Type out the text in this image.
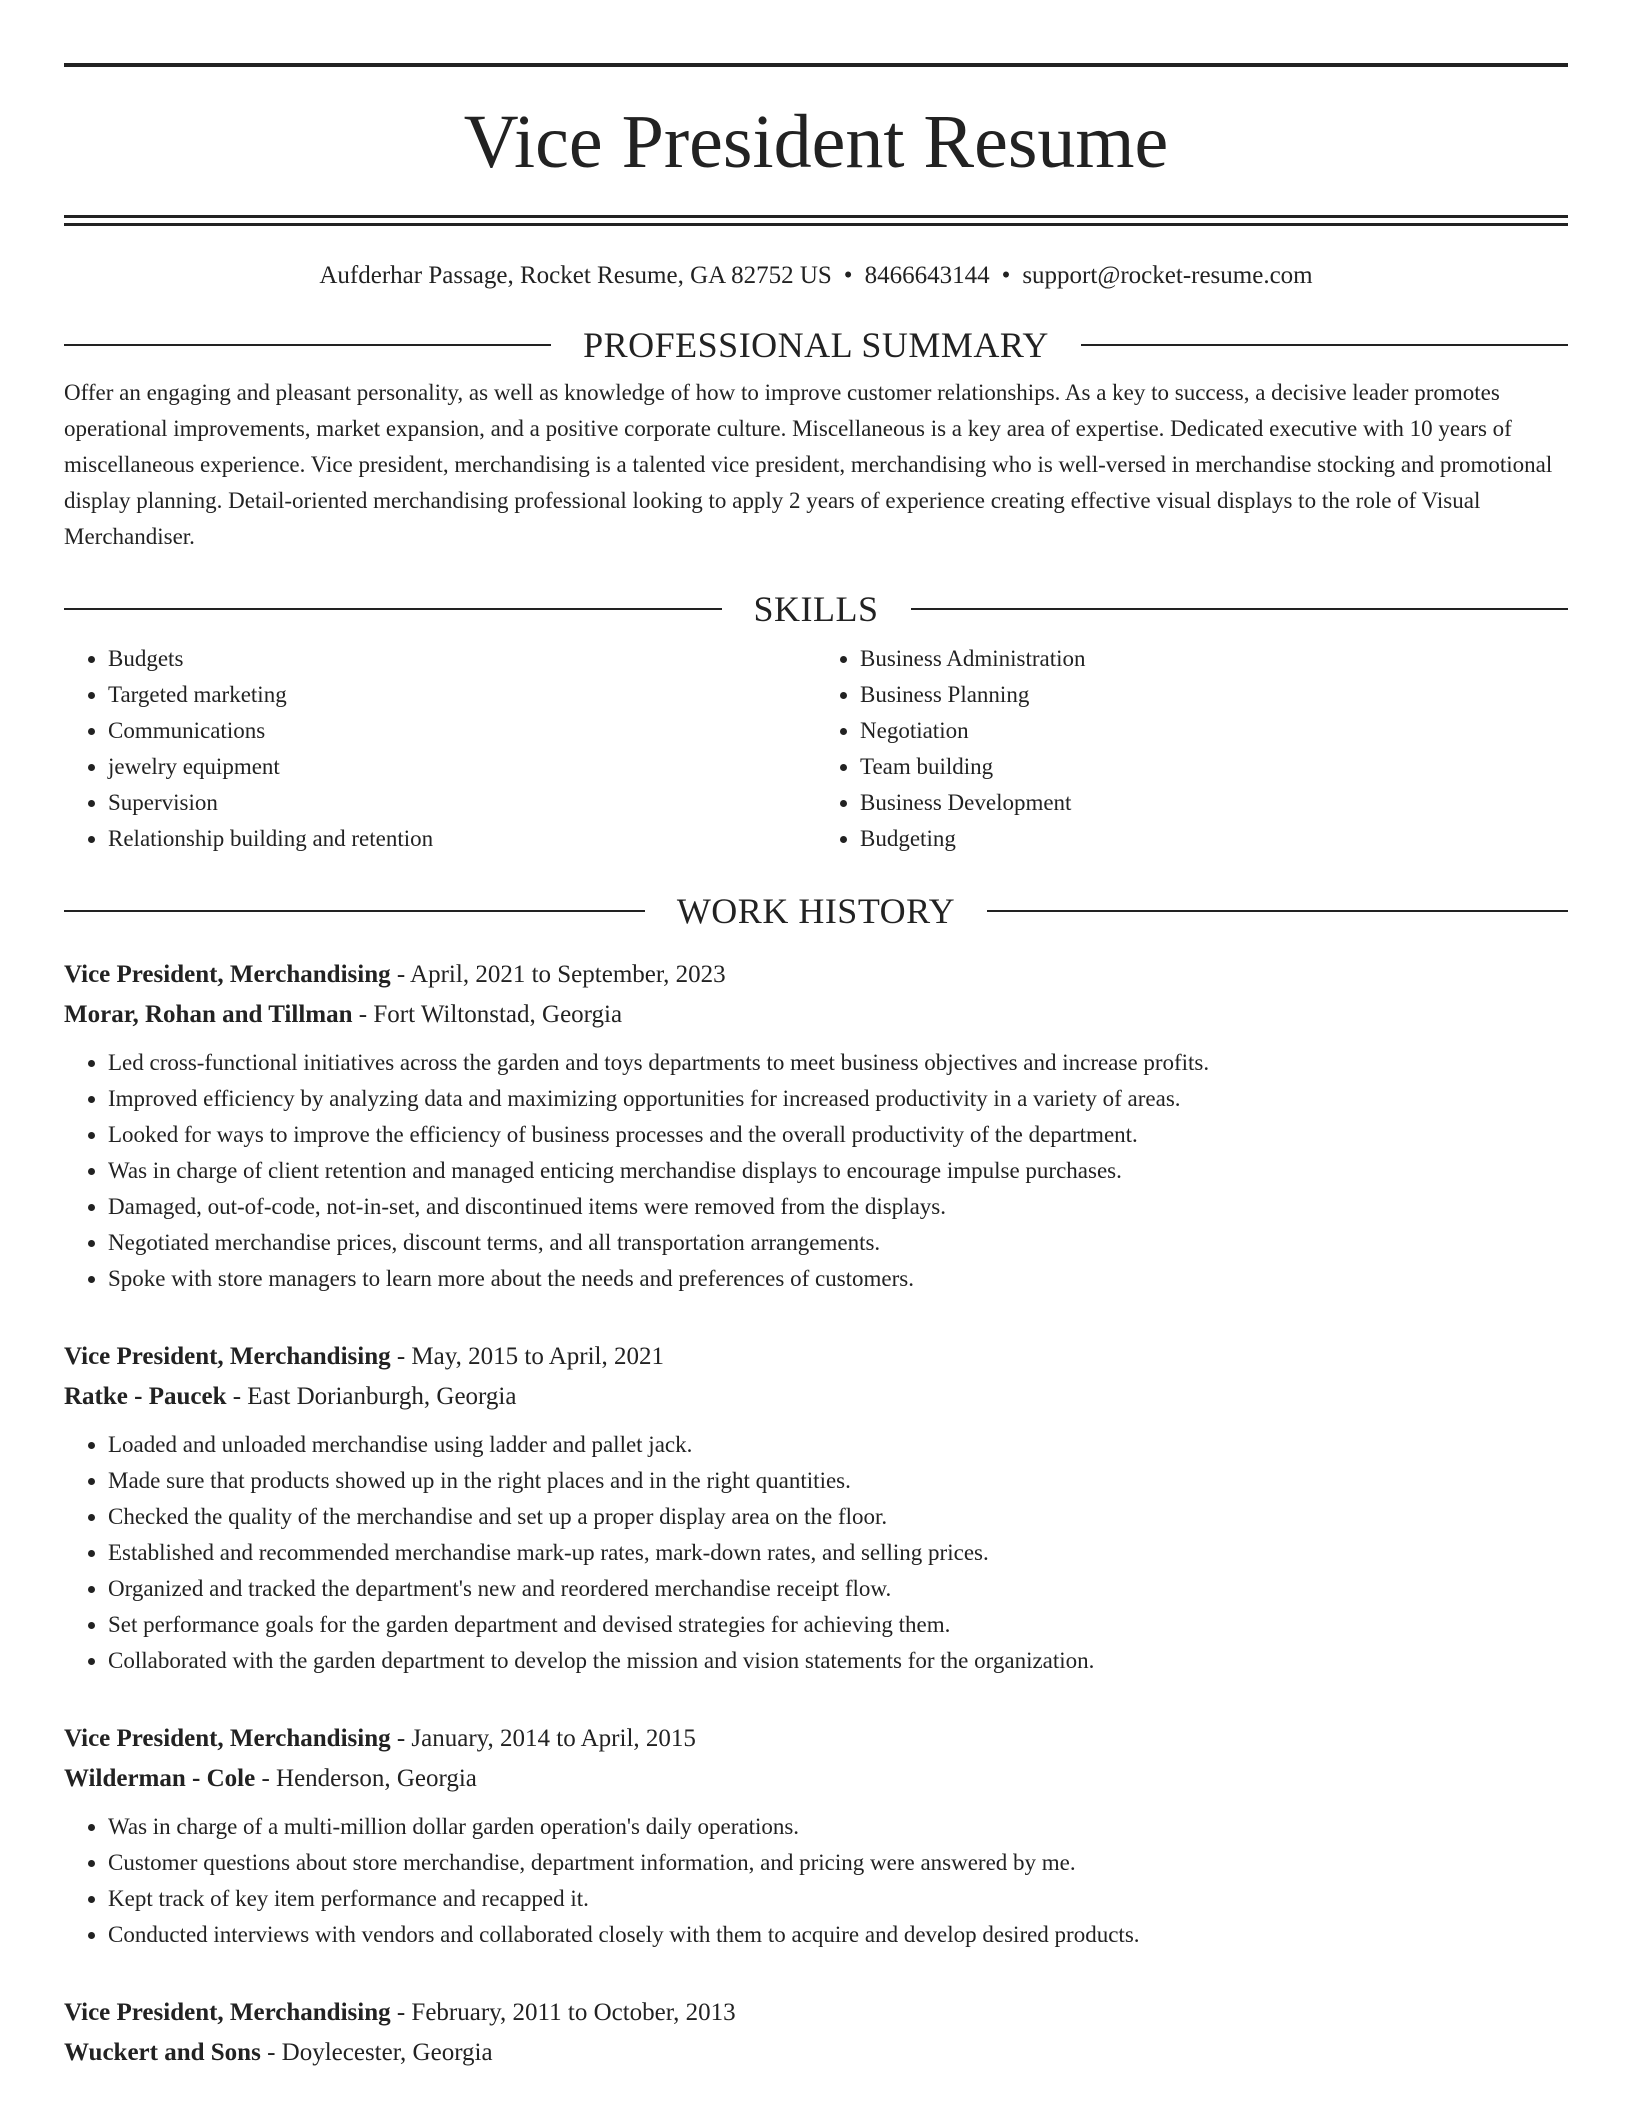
Vice President Resume
Aufderhar Passage, Rocket Resume, GA 82752 US • 8466643144 • support@rocket-resume.com
PROFESSIONAL SUMMARY
Offer an engaging and pleasant personality, as well as knowledge of how to improve customer relationships. As a key to success, a decisive leader promotes operational improvements, market expansion, and a positive corporate culture. Miscellaneous is a key area of expertise. Dedicated executive with 10 years of miscellaneous experience. Vice president, merchandising is a talented vice president, merchandising who is well-versed in merchandise stocking and promotional display planning. Detail-oriented merchandising professional looking to apply 2 years of experience creating effective visual displays to the role of Visual Merchandiser.
SKILLS
• Budgets
• Targeted marketing
• Communications
• jewelry equipment
• Supervision
• Relationship building and retention
• Business Administration
• Business Planning
• Negotiation
• Team building
• Business Development
• Budgeting
WORK HISTORY
Vice President, Merchandising - April, 2021 to September, 2023
Morar, Rohan and Tillman - Fort Wiltonstad, Georgia
• Led cross-functional initiatives across the garden and toys departments to meet business objectives and increase profits.
• Improved efficiency by analyzing data and maximizing opportunities for increased productivity in a variety of areas.
• Looked for ways to improve the efficiency of business processes and the overall productivity of the department.
• Was in charge of client retention and managed enticing merchandise displays to encourage impulse purchases.
• Damaged, out-of-code, not-in-set, and discontinued items were removed from the displays.
• Negotiated merchandise prices, discount terms, and all transportation arrangements.
• Spoke with store managers to learn more about the needs and preferences of customers.
Vice President, Merchandising - May, 2015 to April, 2021
Ratke - Paucek - East Dorianburgh, Georgia
• Loaded and unloaded merchandise using ladder and pallet jack.
• Made sure that products showed up in the right places and in the right quantities.
• Checked the quality of the merchandise and set up a proper display area on the floor.
• Established and recommended merchandise mark-up rates, mark-down rates, and selling prices.
• Organized and tracked the department's new and reordered merchandise receipt flow.
• Set performance goals for the garden department and devised strategies for achieving them.
• Collaborated with the garden department to develop the mission and vision statements for the organization.
Vice President, Merchandising - January, 2014 to April, 2015
Wilderman - Cole - Henderson, Georgia
• Was in charge of a multi-million dollar garden operation's daily operations.
• Customer questions about store merchandise, department information, and pricing were answered by me.
• Kept track of key item performance and recapped it.
• Conducted interviews with vendors and collaborated closely with them to acquire and develop desired products.
Vice President, Merchandising - February, 2011 to October, 2013
Wuckert and Sons - Doylecester, Georgia
